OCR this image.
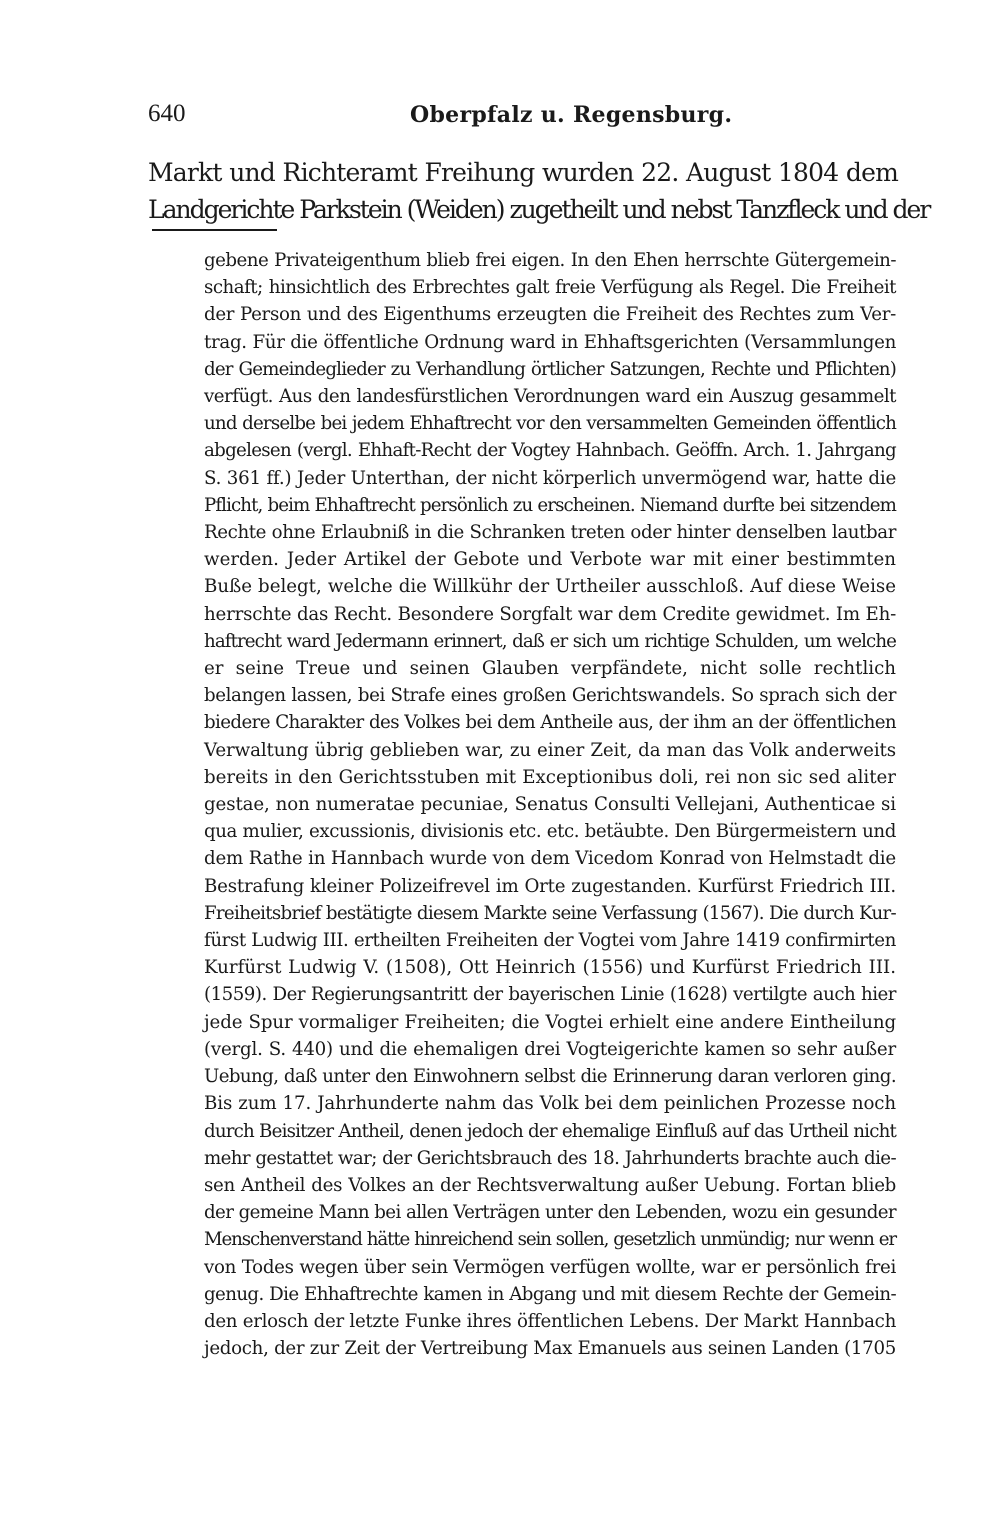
640	Oberpfalz u. Regensburg.
Markt und Richteramt Freihung wurden 22. August 1804 dem
Landgerichte Parkstein (Weiden) zugetheilt und nebst Tanzfleck und der
gebene Privateigenthum blieb frei eigen. In den Ehen herrschte Gütergemein-
schaft; hinsichtlich des Erbrechtes galt freie Verfügung als Regel. Die Freiheit
der Person und des Eigenthums erzeugten die Freiheit des Rechtes zum Ver-
trag. Für die öffentliche Ordnung ward in Ehhaftsgerichten (Versammlungen
der Gemeindeglieder zu Verhandlung örtlicher Satzungen, Rechte und Pflichten)
verfügt. Aus den landesfürstlichen Verordnungen ward ein Auszug gesammelt
und derselbe bei jedem Ehhaftrecht vor den versammelten Gemeinden öffentlich
abgelesen (vergl. Ehhaft-Recht der Vogtey Hahnbach. Geöffn. Arch. 1. Jahrgang
S. 361 ff.) Jeder Unterthan, der nicht körperlich unvermögend war, hatte die
Pflicht, beim Ehhaftrecht persönlich zu erscheinen. Niemand durfte bei sitzendem
Rechte ohne Erlaubniß in die Schranken treten oder hinter denselben lautbar
werden. Jeder Artikel der Gebote und Verbote war mit einer bestimmten
Buße belegt, welche die Willkühr der Urtheiler ausschloß. Auf diese Weise
herrschte das Recht. Besondere Sorgfalt war dem Credite gewidmet. Im Eh-
haftrecht ward Jedermann erinnert, daß er sich um richtige Schulden, um welche
er seine Treue und seinen Glauben verpfändete, nicht solle rechtlich
belangen lassen, bei Strafe eines großen Gerichtswandels. So sprach sich der
biedere Charakter des Volkes bei dem Antheile aus, der ihm an der öffentlichen
Verwaltung übrig geblieben war, zu einer Zeit, da man das Volk anderweits
bereits in den Gerichtsstuben mit Exceptionibus doli, rei non sic sed aliter
gestae, non numeratae pecuniae, Senatus Consulti Vellejani, Authenticae si
qua mulier, excussionis, divisionis etc. etc. betäubte. Den Bürgermeistern und
dem Rathe in Hannbach wurde von dem Vicedom Konrad von Helmstadt die
Bestrafung kleiner Polizeifrevel im Orte zugestanden. Kurfürst Friedrich III.
Freiheitsbrief bestätigte diesem Markte seine Verfassung (1567). Die durch Kur-
fürst Ludwig III. ertheilten Freiheiten der Vogtei vom Jahre 1419 confirmirten
Kurfürst Ludwig V. (1508), Ott Heinrich (1556) und Kurfürst Friedrich III.
(1559). Der Regierungsantritt der bayerischen Linie (1628) vertilgte auch hier
jede Spur vormaliger Freiheiten; die Vogtei erhielt eine andere Eintheilung
(vergl. S. 440) und die ehemaligen drei Vogteigerichte kamen so sehr außer
Uebung, daß unter den Einwohnern selbst die Erinnerung daran verloren ging.
Bis zum 17. Jahrhunderte nahm das Volk bei dem peinlichen Prozesse noch
durch Beisitzer Antheil, denen jedoch der ehemalige Einfluß auf das Urtheil nicht
mehr gestattet war; der Gerichtsbrauch des 18. Jahrhunderts brachte auch die-
sen Antheil des Volkes an der Rechtsverwaltung außer Uebung. Fortan blieb
der gemeine Mann bei allen Verträgen unter den Lebenden, wozu ein gesunder
Menschenverstand hätte hinreichend sein sollen, gesetzlich unmündig; nur wenn er
von Todes wegen über sein Vermögen verfügen wollte, war er persönlich frei
genug. Die Ehhaftrechte kamen in Abgang und mit diesem Rechte der Gemein-
den erlosch der letzte Funke ihres öffentlichen Lebens. Der Markt Hannbach
jedoch, der zur Zeit der Vertreibung Max Emanuels aus seinen Landen (1705
